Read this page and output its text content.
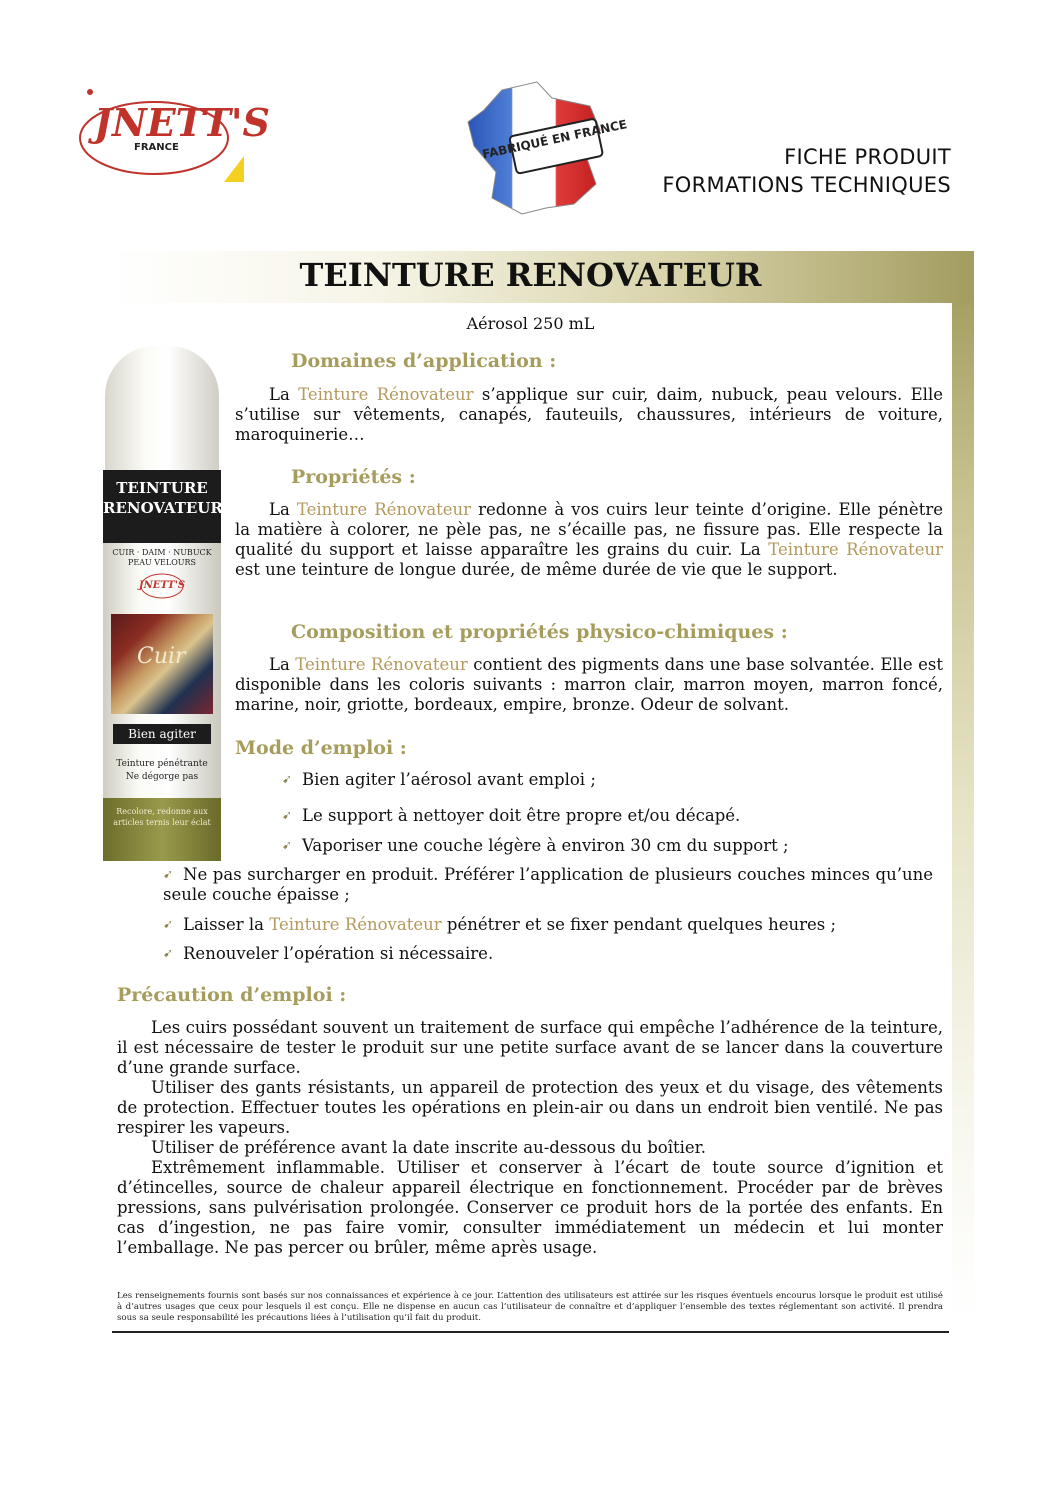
JNETT'S
FRANCE	FABRIQUÉ EN FRANCE	FICHE PRODUIT
FORMATIONS TECHNIQUES
TEINTURE RENOVATEUR
Aérosol 250 mL
TEINTURE
RENOVATEUR
CUIR · DAIM · NUBUCK
PEAU VELOURS
JNETT'S
Cuir
Bien agiter
Teinture pénétrante
Ne dégorge pas
Recolore, redonne aux articles ternis leur éclat
Domaines d’application :
La Teinture Rénovateur s’applique sur cuir, daim, nubuck, peau velours. Elle s’utilise sur vêtements, canapés, fauteuils, chaussures, intérieurs de voiture, maroquinerie…
Propriétés :
La Teinture Rénovateur redonne à vos cuirs leur teinte d’origine. Elle pénètre la matière à colorer, ne pèle pas, ne s’écaille pas, ne fissure pas. Elle respecte la qualité du support et laisse apparaître les grains du cuir. La Teinture Rénovateur est une teinture de longue durée, de même durée de vie que le support.
Composition et propriétés physico-chimiques :
La Teinture Rénovateur contient des pigments dans une base solvantée. Elle est disponible dans les coloris suivants : marron clair, marron moyen, marron foncé, marine, noir, griotte, bordeaux, empire, bronze. Odeur de solvant.
Mode d’emploi :
➹ Bien agiter l’aérosol avant emploi ;
➹ Le support à nettoyer doit être propre et/ou décapé.
➹ Vaporiser une couche légère à environ 30 cm du support ;
➹ Ne pas surcharger en produit. Préférer l’application de plusieurs couches minces qu’une seule couche épaisse ;
➹ Laisser la Teinture Rénovateur pénétrer et se fixer pendant quelques heures ;
➹ Renouveler l’opération si nécessaire.
Précaution d’emploi :
Les cuirs possédant souvent un traitement de surface qui empêche l’adhérence de la teinture, il est nécessaire de tester le produit sur une petite surface avant de se lancer dans la couverture d’une grande surface.
Utiliser des gants résistants, un appareil de protection des yeux et du visage, des vêtements de protection. Effectuer toutes les opérations en plein-air ou dans un endroit bien ventilé. Ne pas respirer les vapeurs.
Utiliser de préférence avant la date inscrite au-dessous du boîtier.
Extrêmement inflammable. Utiliser et conserver à l’écart de toute source d’ignition et d’étincelles, source de chaleur appareil électrique en fonctionnement. Procéder par de brèves pressions, sans pulvérisation prolongée. Conserver ce produit hors de la portée des enfants. En cas d’ingestion, ne pas faire vomir, consulter immédiatement un médecin et lui monter l’emballage. Ne pas percer ou brûler, même après usage.
Les renseignements fournis sont basés sur nos connaissances et expérience à ce jour. L’attention des utilisateurs est attirée sur les risques éventuels encourus lorsque le produit est utilisé à d’autres usages que ceux pour lesquels il est conçu. Elle ne dispense en aucun cas l’utilisateur de connaître et d’appliquer l’ensemble des textes réglementant son activité. Il prendra sous sa seule responsabilité les précautions liées à l’utilisation qu’il fait du produit.
